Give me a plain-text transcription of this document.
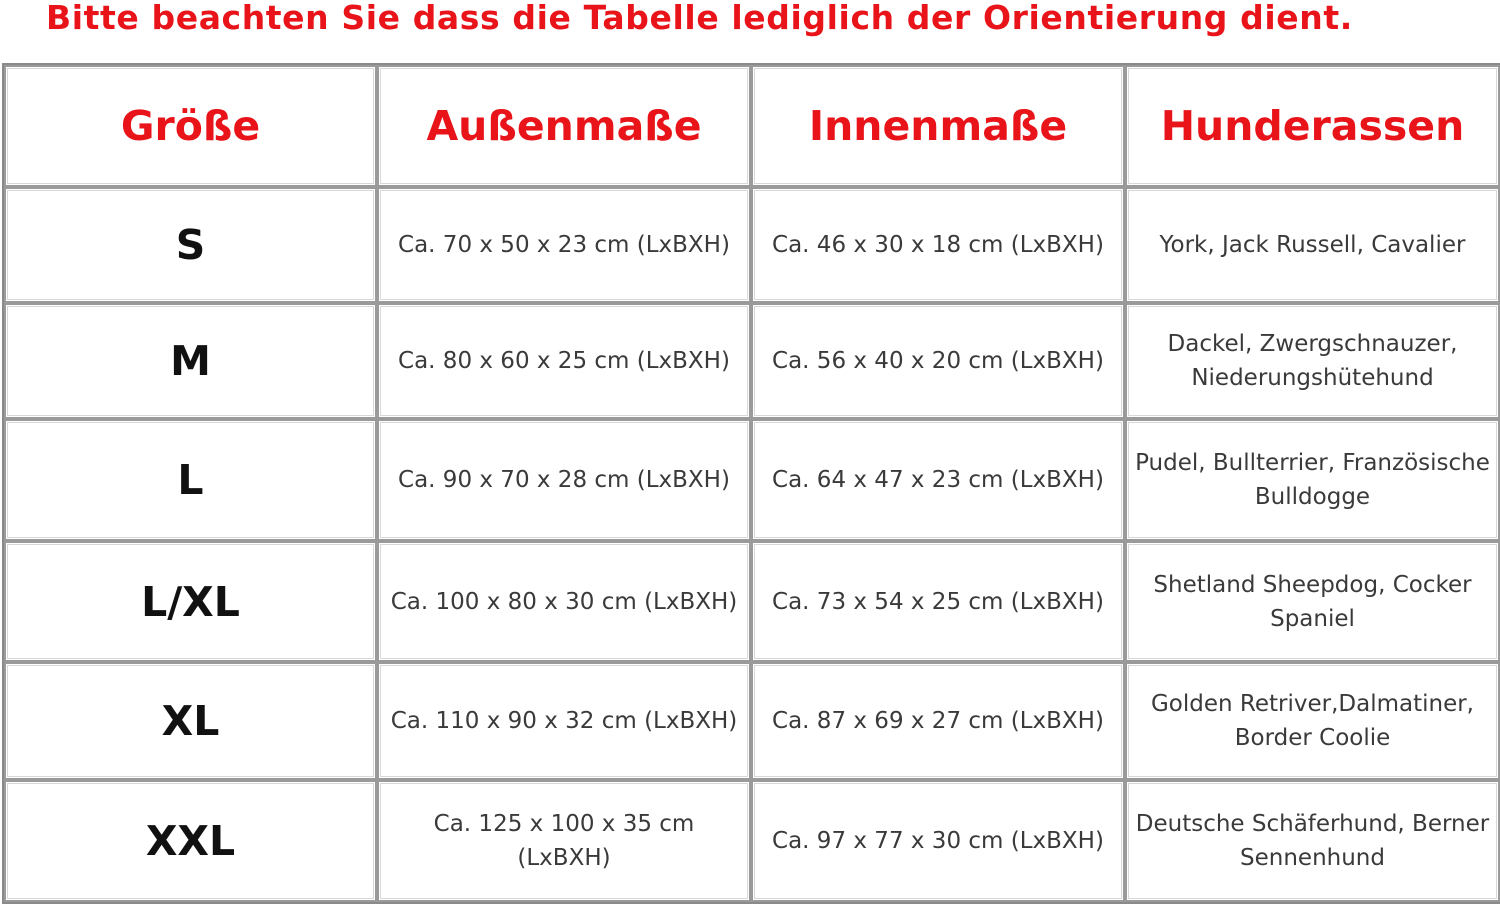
Bitte beachten Sie dass die Tabelle lediglich der Orientierung dient.
Größe	Außenmaße	Innenmaße	Hunderassen
S	Ca. 70 x 50 x 23 cm (LxBXH)	Ca. 46 x 30 x 18 cm (LxBXH)	York, Jack Russell, Cavalier
M	Ca. 80 x 60 x 25 cm (LxBXH)	Ca. 56 x 40 x 20 cm (LxBXH)	Dackel, Zwergschnauzer, Niederungshütehund
L	Ca. 90 x 70 x 28 cm (LxBXH)	Ca. 64 x 47 x 23 cm (LxBXH)	Pudel, Bullterrier, Französische Bulldogge
L/XL	Ca. 100 x 80 x 30 cm (LxBXH)	Ca. 73 x 54 x 25 cm (LxBXH)	Shetland Sheepdog, Cocker Spaniel
XL	Ca. 110 x 90 x 32 cm (LxBXH)	Ca. 87 x 69 x 27 cm (LxBXH)	Golden Retriver,Dalmatiner, Border Coolie
XXL	Ca. 125 x 100 x 35 cm (LxBXH)	Ca. 97 x 77 x 30 cm (LxBXH)	Deutsche Schäferhund, Berner Sennenhund
